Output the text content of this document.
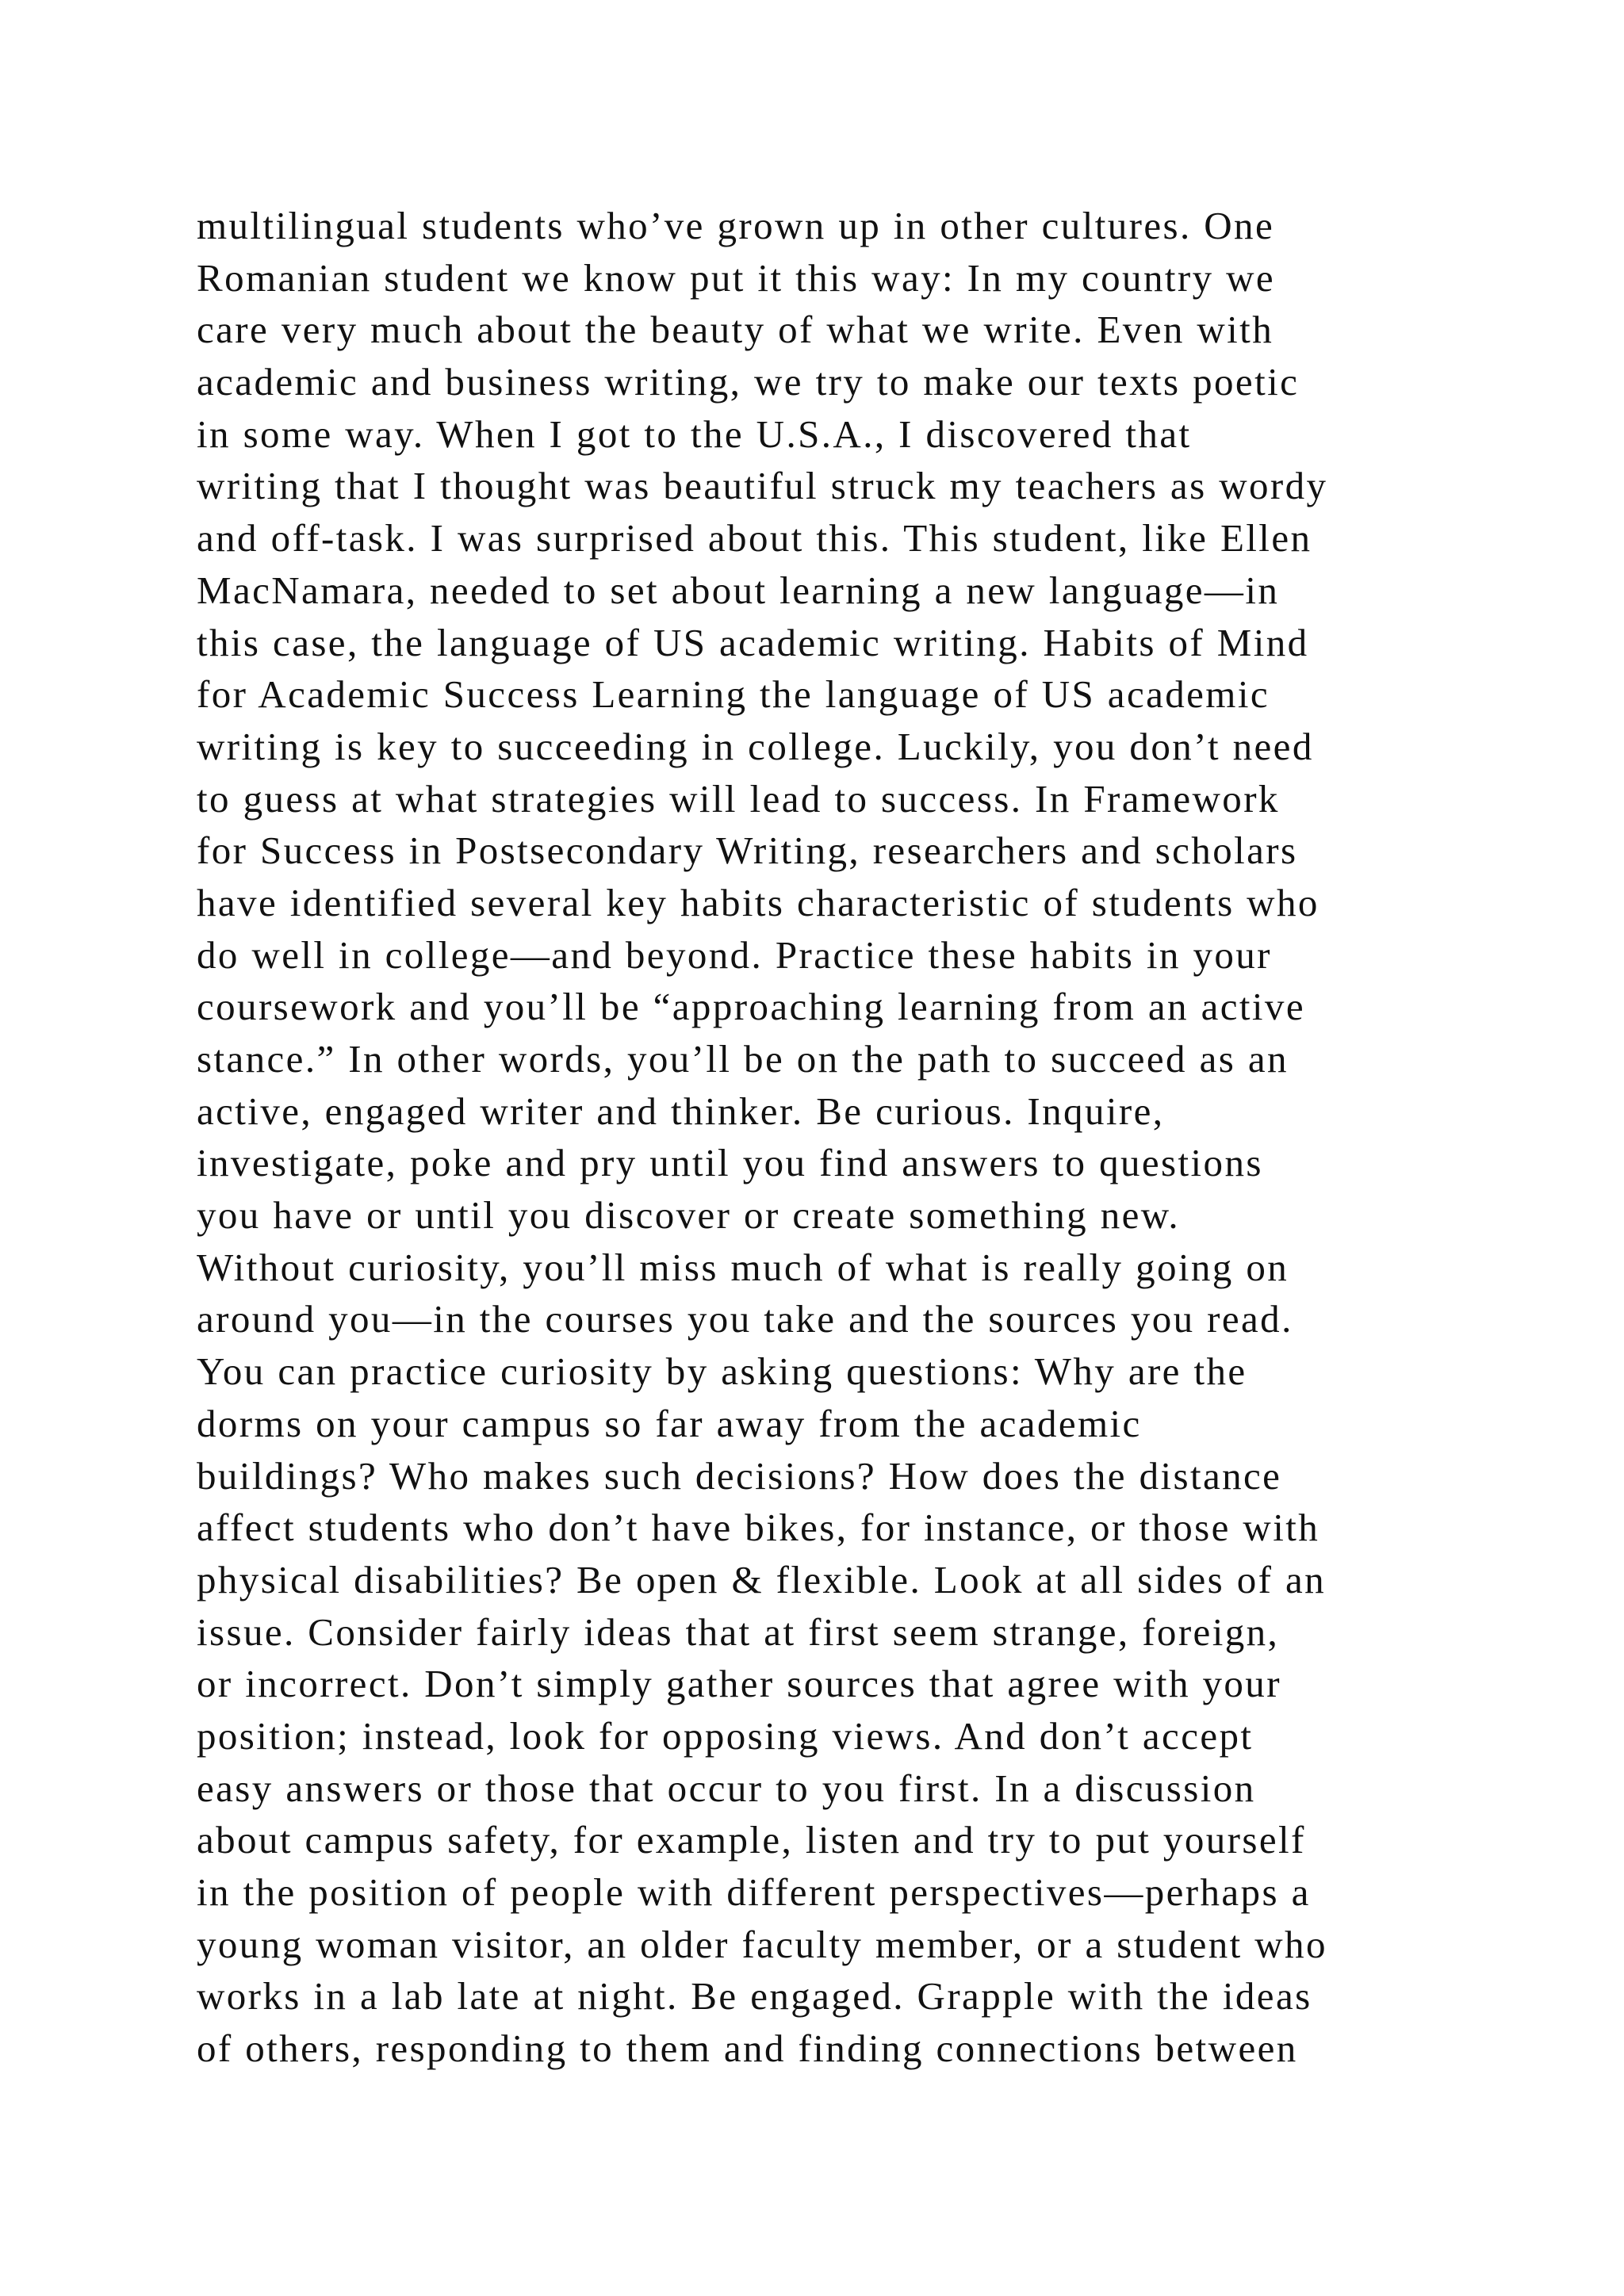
multilingual students who’ve grown up in other cultures. One
Romanian student we know put it this way: In my country we
care very much about the beauty of what we write. Even with
academic and business writing, we try to make our texts poetic
in some way. When I got to the U.S.A., I discovered that
writing that I thought was beautiful struck my teachers as wordy
and off-task. I was surprised about this. This student, like Ellen
MacNamara, needed to set about learning a new language—in
this case, the language of US academic writing. Habits of Mind
for Academic Success Learning the language of US academic
writing is key to succeeding in college. Luckily, you don’t need
to guess at what strategies will lead to success. In Framework
for Success in Postsecondary Writing, researchers and scholars
have identified several key habits characteristic of students who
do well in college—and beyond. Practice these habits in your
coursework and you’ll be “approaching learning from an active
stance.” In other words, you’ll be on the path to succeed as an
active, engaged writer and thinker. Be curious. Inquire,
investigate, poke and pry until you find answers to questions
you have or until you discover or create something new.
Without curiosity, you’ll miss much of what is really going on
around you—in the courses you take and the sources you read.
You can practice curiosity by asking questions: Why are the
dorms on your campus so far away from the academic
buildings? Who makes such decisions? How does the distance
affect students who don’t have bikes, for instance, or those with
physical disabilities? Be open & flexible. Look at all sides of an
issue. Consider fairly ideas that at first seem strange, foreign,
or incorrect. Don’t simply gather sources that agree with your
position; instead, look for opposing views. And don’t accept
easy answers or those that occur to you first. In a discussion
about campus safety, for example, listen and try to put yourself
in the position of people with different perspectives—perhaps a
young woman visitor, an older faculty member, or a student who
works in a lab late at night. Be engaged. Grapple with the ideas
of others, responding to them and finding connections between
